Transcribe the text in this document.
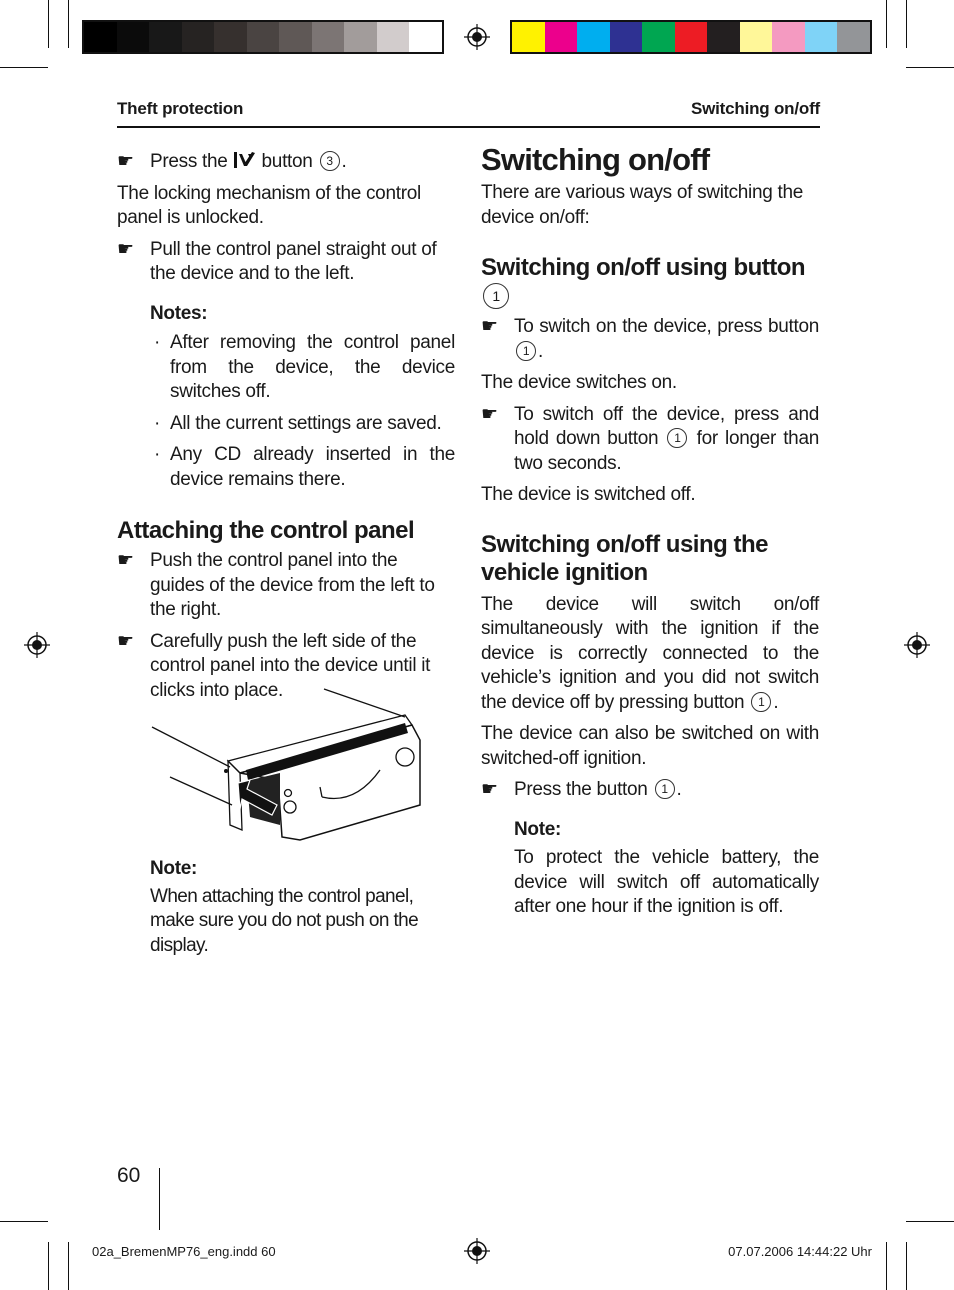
Theft protection	Switching on/off

☛ Press the button 3 .

The locking mechanism of the control panel is unlocked.

☛ Pull the control panel straight out of the device and to the left.

Notes:

· After removing the control panel from the device, the device switches off.

· All the current settings are saved.

· Any CD already inserted in the device remains there.

Attaching the control panel

☛ Push the control panel into the guides of the device from the left to the right.

☛ Carefully push the left side of the control panel into the device until it clicks into place.

Note:

When attaching the control panel, make sure you do not push on the display.

Switching on/off

There are various ways of switching the device on/off:

Switching on/off using button 1

☛ To switch on the device, press button 1 .

The device switches on.

☛ To switch off the device, press and hold down button 1 for longer than two seconds.

The device is switched off.

Switching on/off using the
vehicle ignition

The device will switch on/off simultaneously with the ignition if the device is correctly connected to the vehicle’s ignition and you did not switch the device off by pressing button 1 .

The device can also be switched on with switched-off ignition.

☛ Press the button 1 .

Note:

To protect the vehicle battery, the device will switch off automatically after one hour if the ignition is off.

60
02a_BremenMP76_eng.indd 60	07.07.2006 14:44:22 Uhr
